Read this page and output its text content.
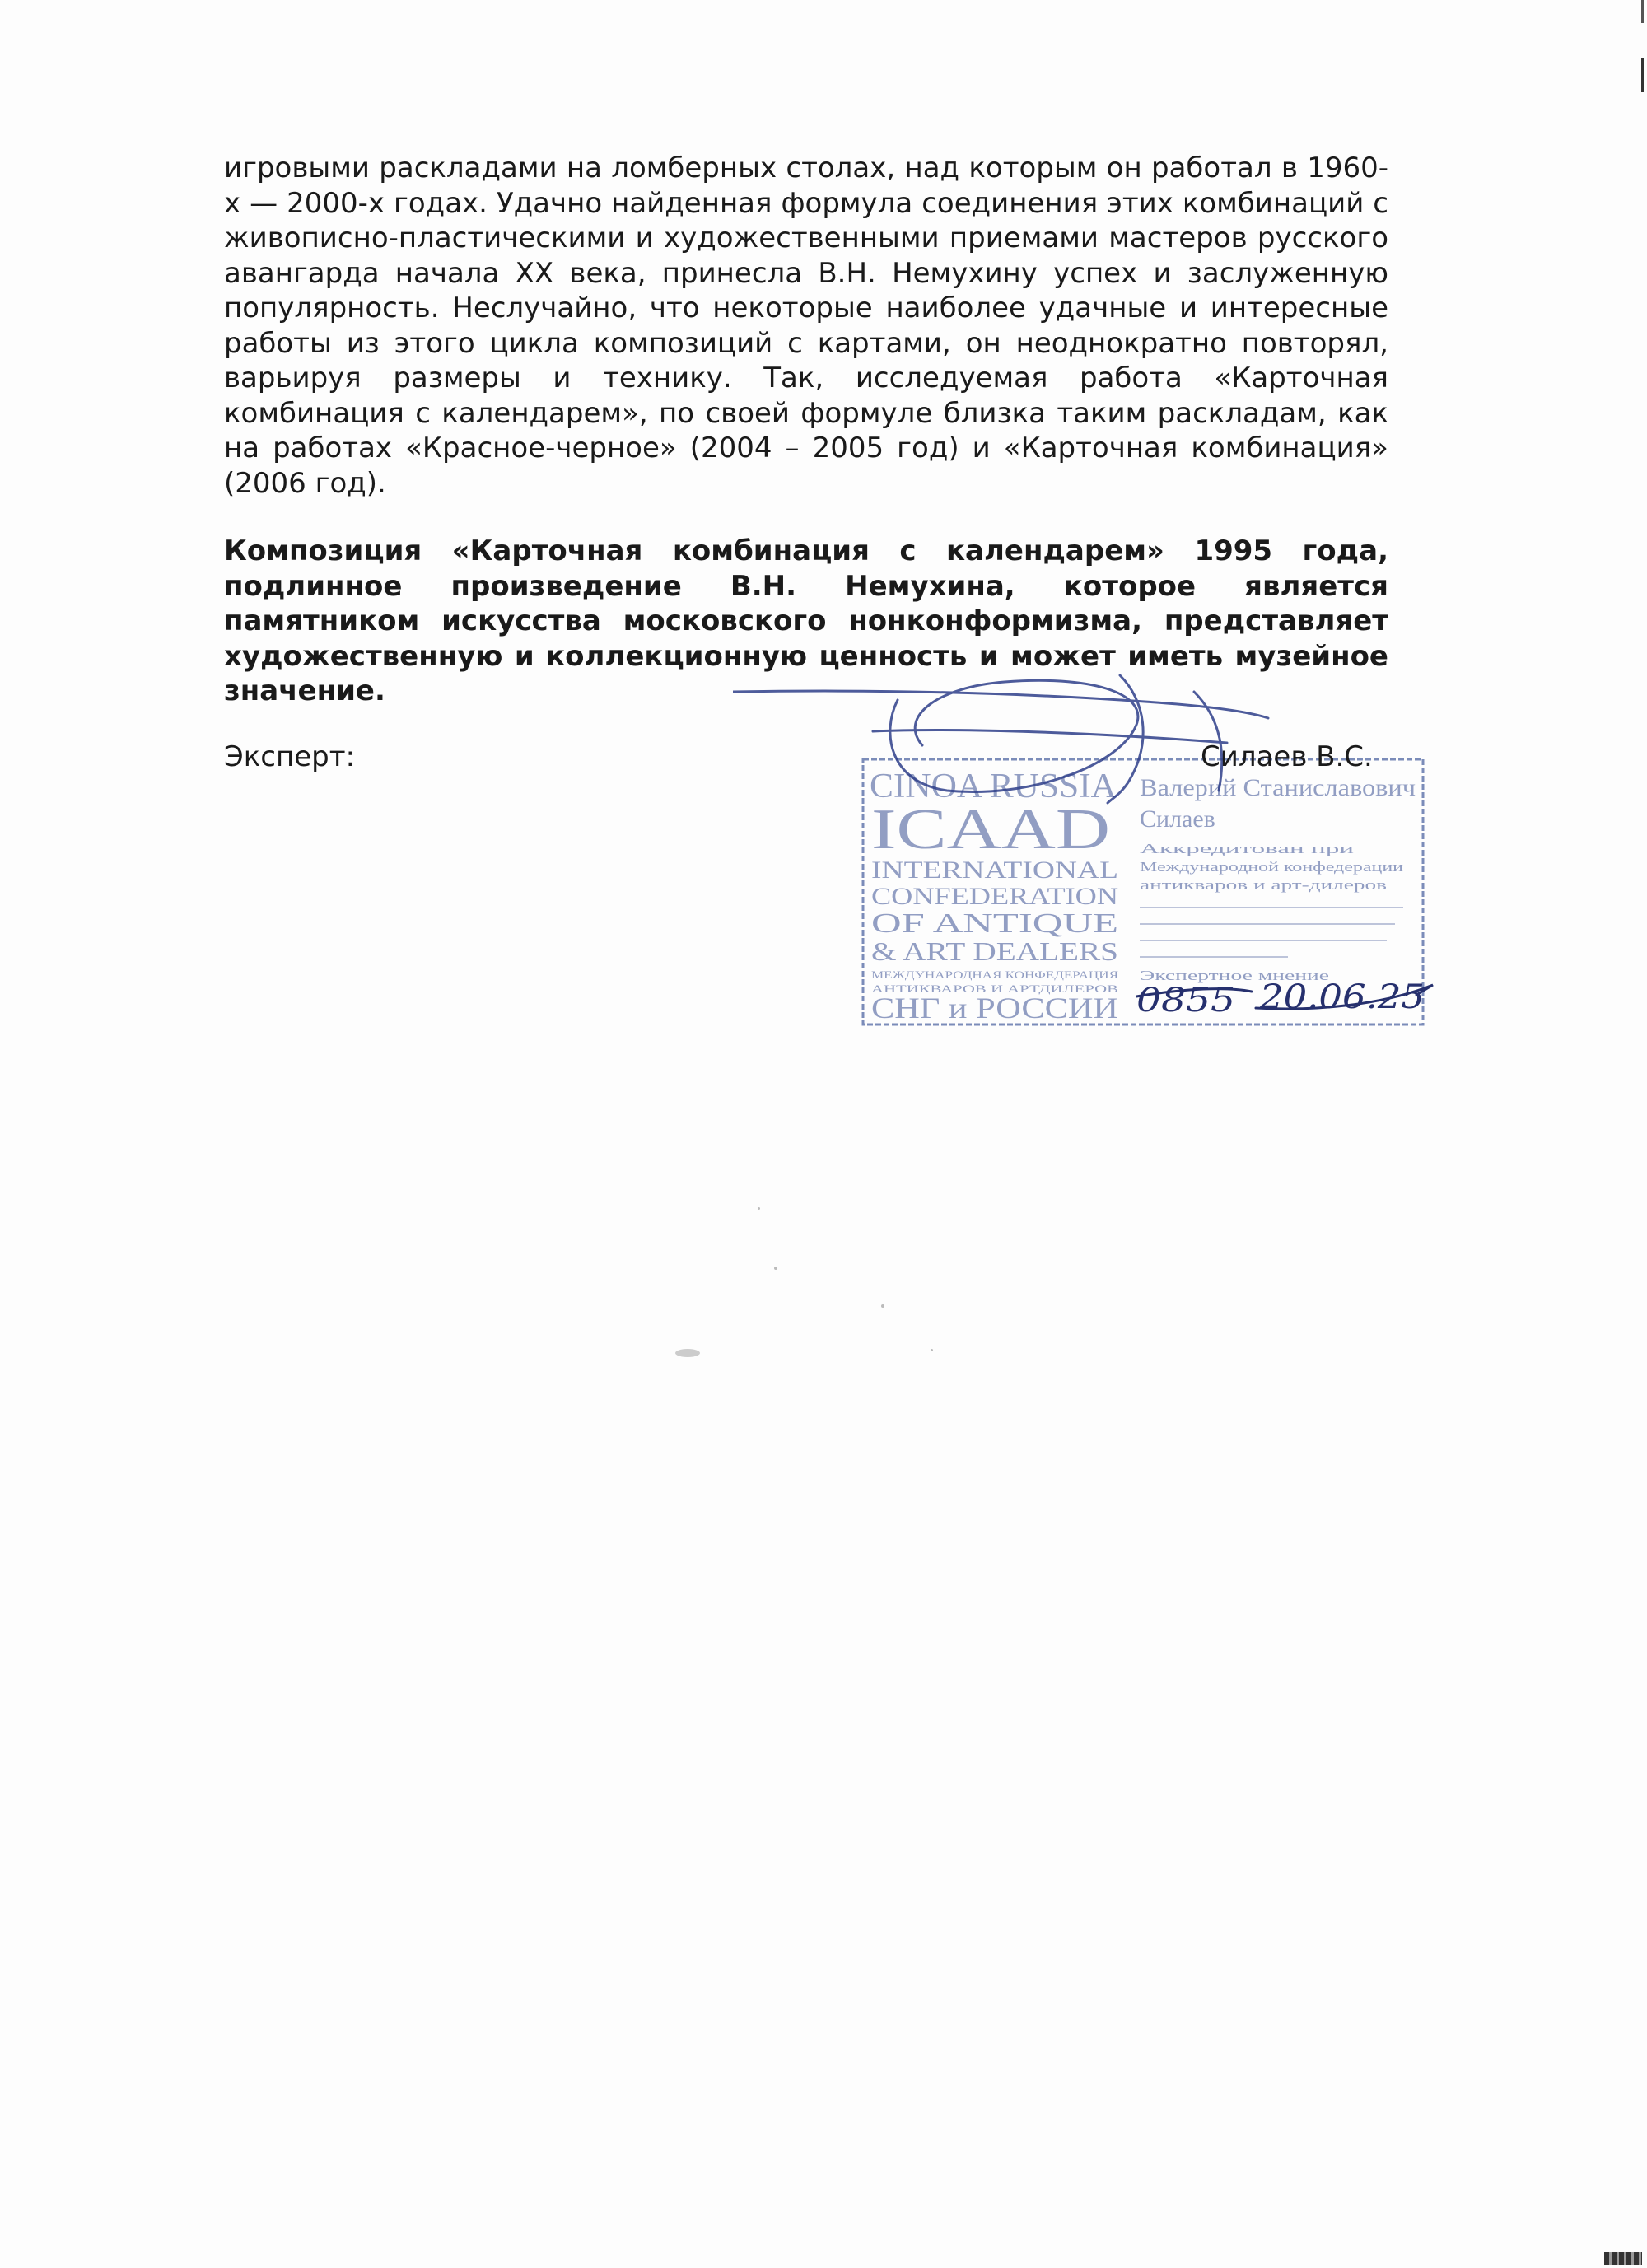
игровыми раскладами на ломберных столах, над которым он работал в 1960-х — 2000-х годах. Удачно найденная формула соединения этих комбинаций с живописно-пластическими и художественными приемами мастеров русского авангарда начала XX века, принесла В.Н. Немухину успех и заслуженную популярность. Неслучайно, что некоторые наиболее удачные и интересные работы из этого цикла композиций с картами, он неоднократно повторял, варьируя размеры и технику. Так, исследуемая работа «Карточная комбинация с календарем», по своей формуле близка таким раскладам, как на работах «Красное-черное» (2004 – 2005 год) и «Карточная комбинация» (2006 год).

Композиция «Карточная комбинация с календарем» 1995 года, подлинное произведение В.Н. Немухина, которое является памятником искусства московского нонконформизма, представляет художественную и коллекционную ценность и может иметь музейное значение.

Эксперт:
CINOA RUSSIA
ICAAD
INTERNATIONAL
CONFEDERATION
OF ANTIQUE
& ART DEALERS
МЕЖДУНАРОДНАЯ КОНФЕДЕРАЦИЯ
АНТИКВАРОВ И АРТДИЛЕРОВ
СНГ и РОССИИ
Валерий Станиславович
Силаев
Аккредитован при
Международной конфедерации
антикваров и арт-дилеров
Экспертное мнение
Силаев В.С.
0855 20.06.25
